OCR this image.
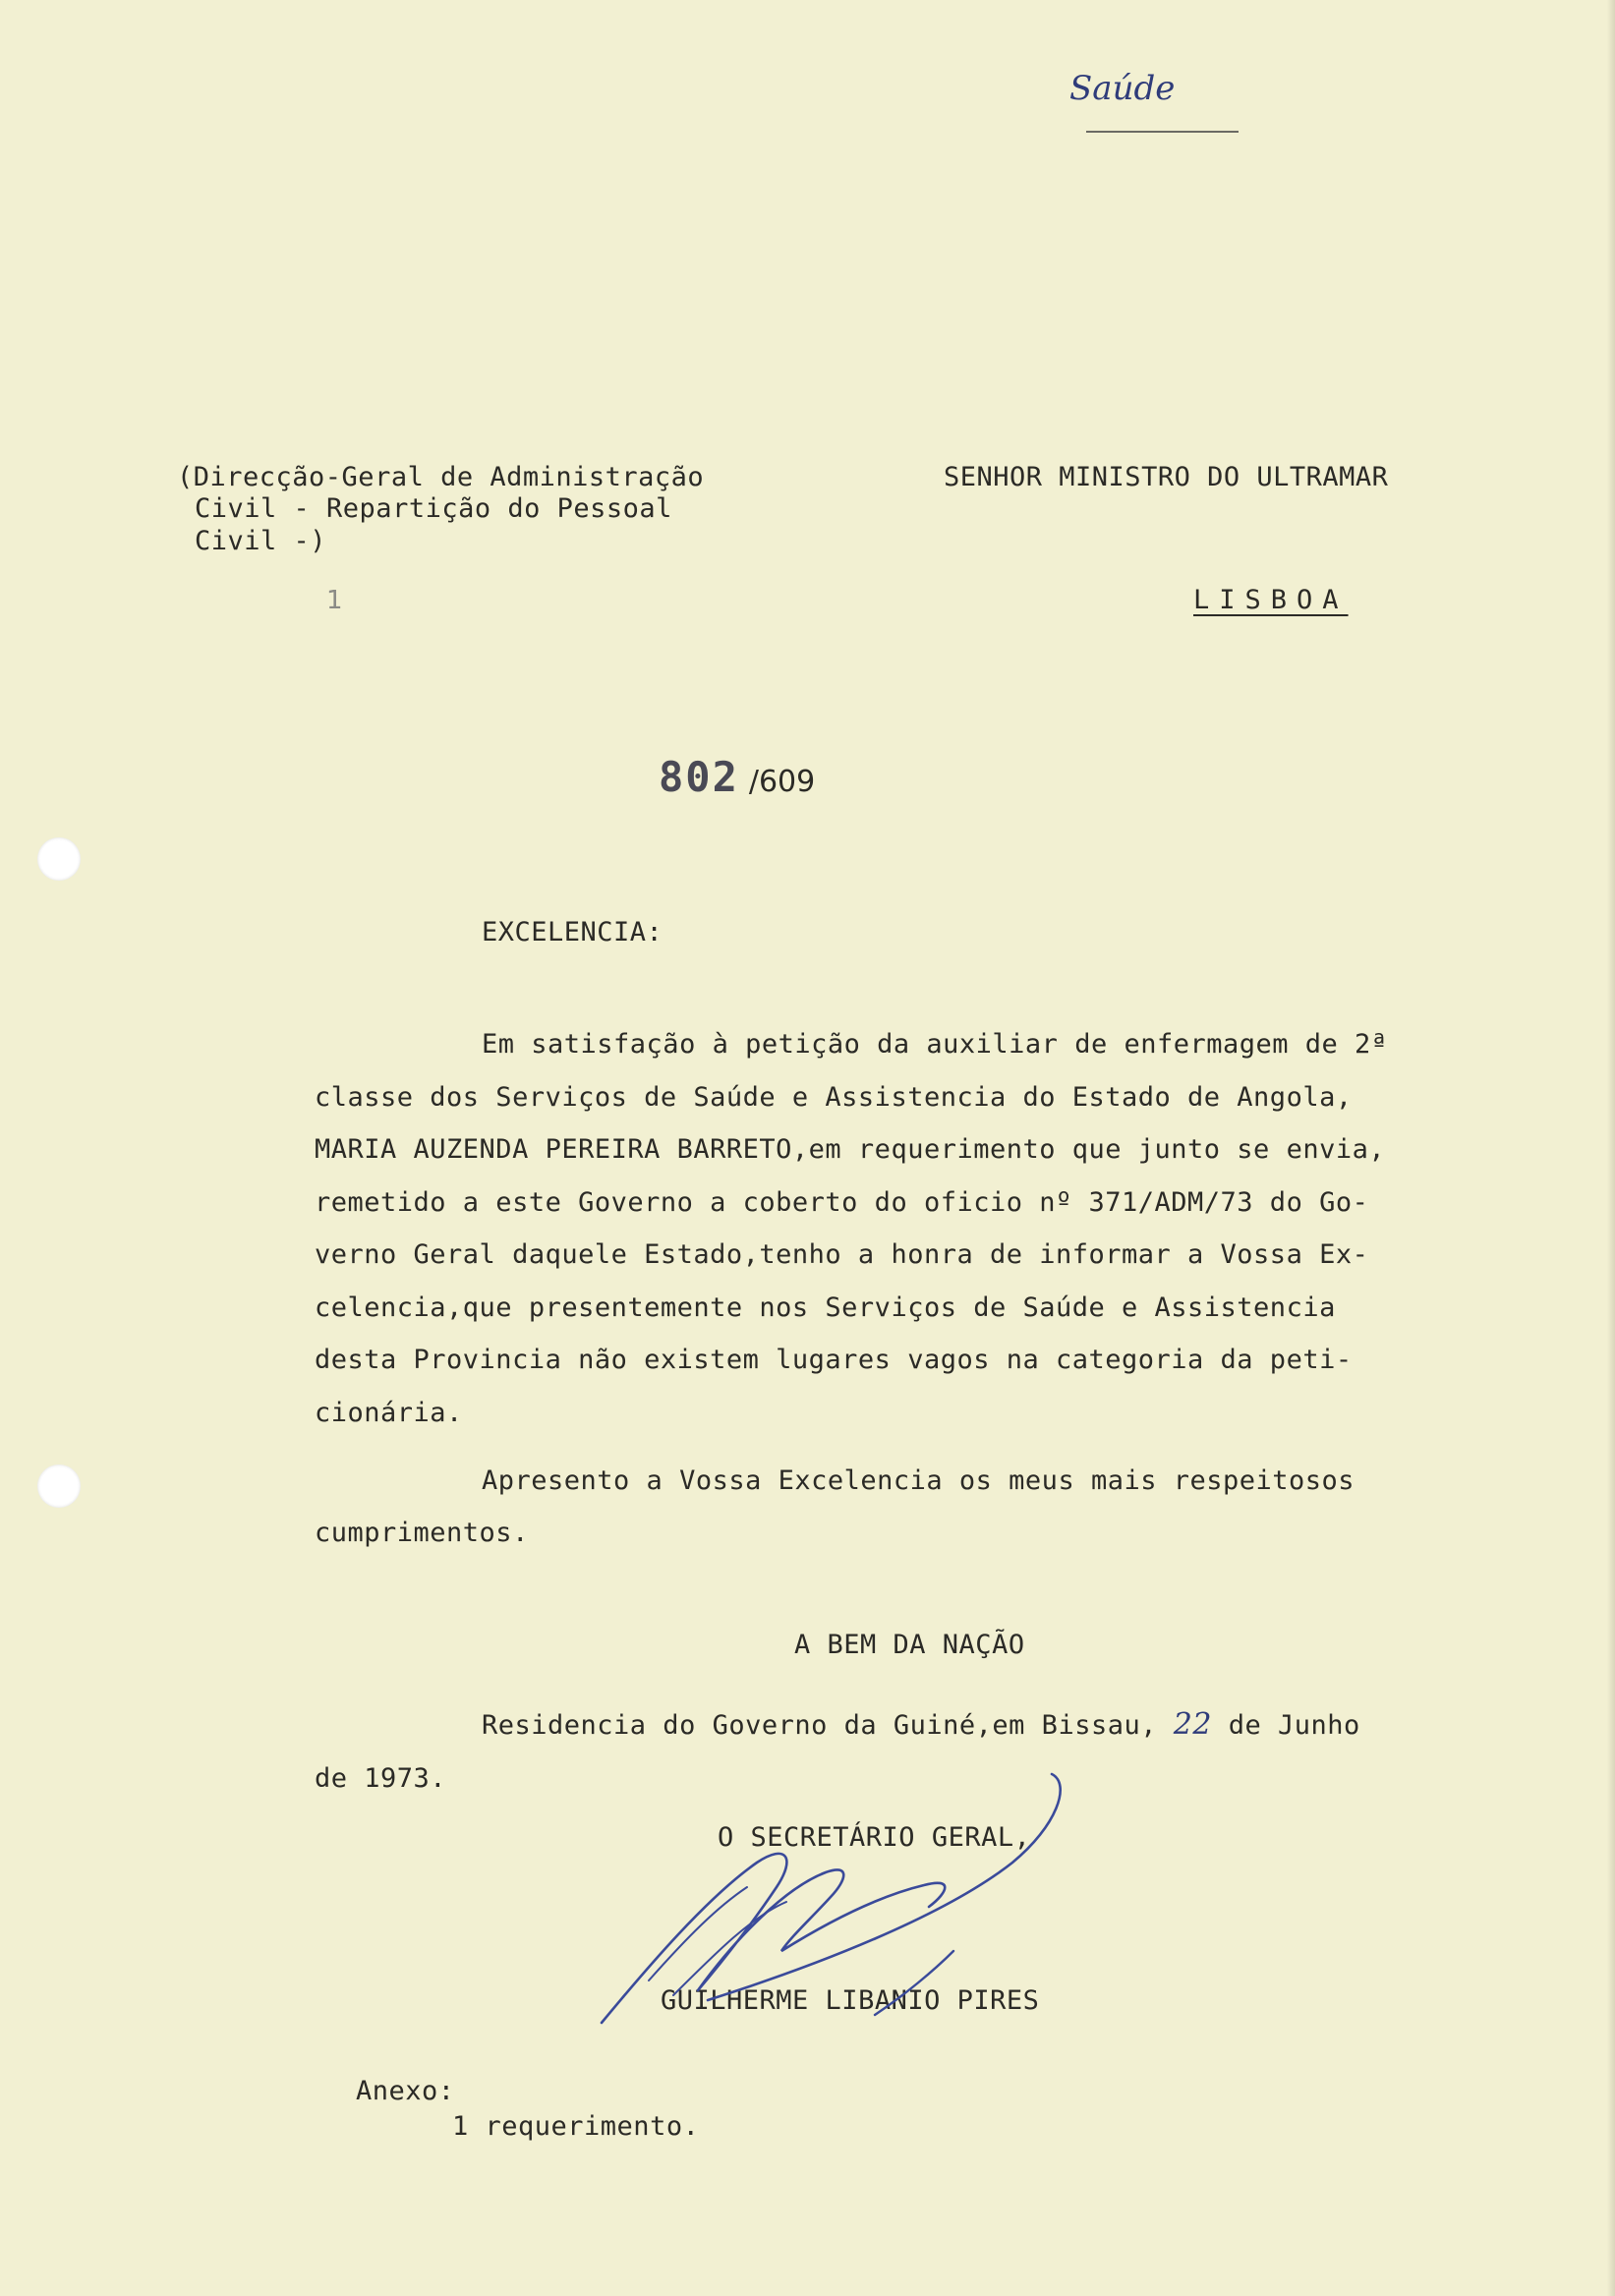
Saúde
(Direcção-Geral de Administração
Civil - Repartição do Pessoal
Civil -)
1
SENHOR MINISTRO DO ULTRAMAR
LISBOA
802 /609
EXCELENCIA:
Em satisfação à petição da auxiliar de enfermagem de 2ª
classe dos Serviços de Saúde e Assistencia do Estado de Angola,
MARIA AUZENDA PEREIRA BARRETO,em requerimento que junto se envia,
remetido a este Governo a coberto do oficio nº 371/ADM/73 do Go-
verno Geral daquele Estado,tenho a honra de informar a Vossa Ex-
celencia,que presentemente nos Serviços de Saúde e Assistencia
desta Provincia não existem lugares vagos na categoria da peti-
cionária.
Apresento a Vossa Excelencia os meus mais respeitosos
cumprimentos.
A BEM DA NAÇÃO
Residencia do Governo da Guiné,em Bissau, 22 de Junho
de 1973.
O SECRETÁRIO GERAL,
GUILHERME LIBANIO PIRES
Anexo:
1 requerimento.
